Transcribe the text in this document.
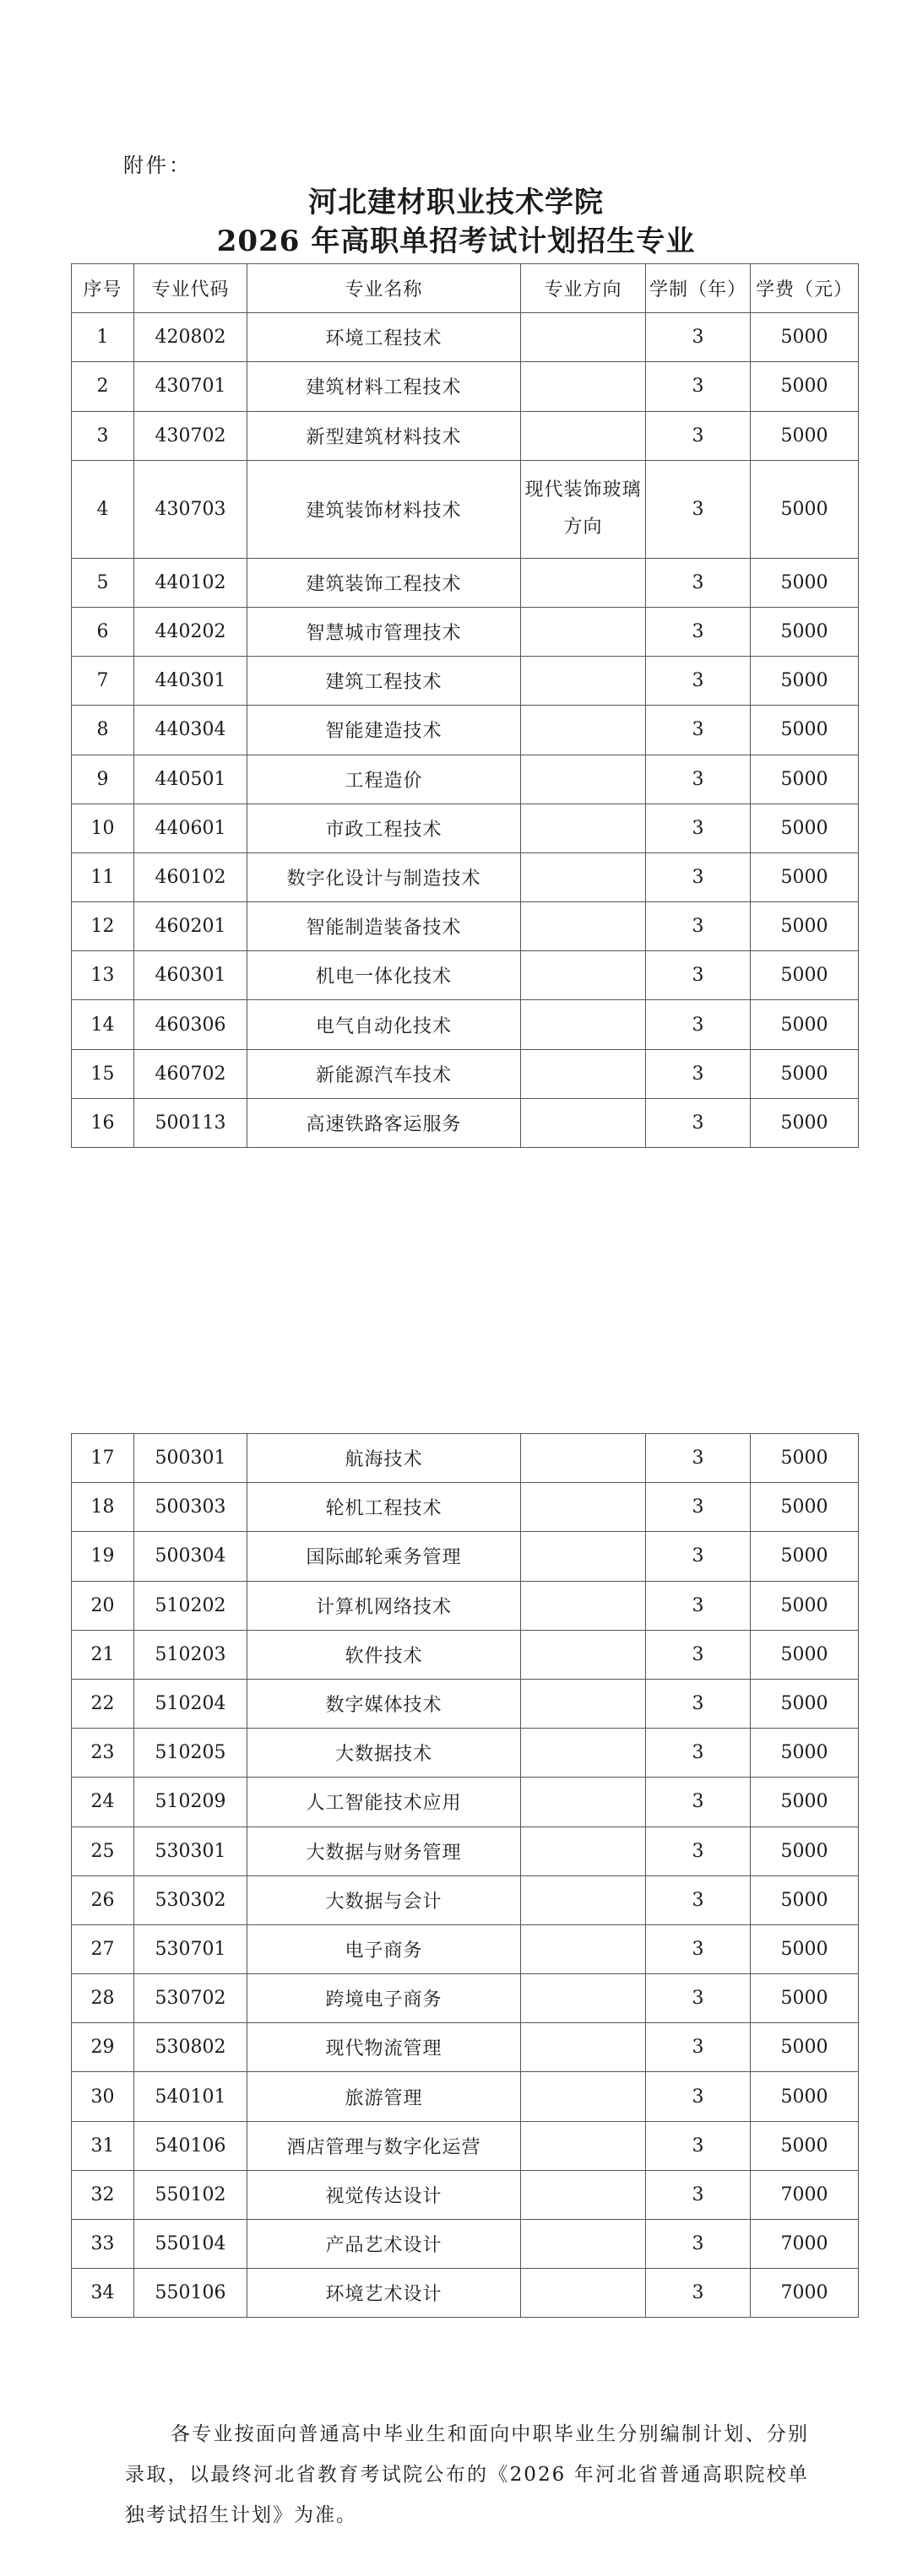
附件：
河北建材职业技术学院
2026 年高职单招考试计划招生专业
序号	专业代码	专业名称	专业方向	学制（年）	学费（元）
1	420802	环境工程技术		3	5000
2	430701	建筑材料工程技术		3	5000
3	430702	新型建筑材料技术		3	5000
4	430703	建筑装饰材料技术	现代装饰玻璃方向	3	5000
5	440102	建筑装饰工程技术		3	5000
6	440202	智慧城市管理技术		3	5000
7	440301	建筑工程技术		3	5000
8	440304	智能建造技术		3	5000
9	440501	工程造价		3	5000
10	440601	市政工程技术		3	5000
11	460102	数字化设计与制造技术		3	5000
12	460201	智能制造装备技术		3	5000
13	460301	机电一体化技术		3	5000
14	460306	电气自动化技术		3	5000
15	460702	新能源汽车技术		3	5000
16	500113	高速铁路客运服务		3	5000
17	500301	航海技术		3	5000
18	500303	轮机工程技术		3	5000
19	500304	国际邮轮乘务管理		3	5000
20	510202	计算机网络技术		3	5000
21	510203	软件技术		3	5000
22	510204	数字媒体技术		3	5000
23	510205	大数据技术		3	5000
24	510209	人工智能技术应用		3	5000
25	530301	大数据与财务管理		3	5000
26	530302	大数据与会计		3	5000
27	530701	电子商务		3	5000
28	530702	跨境电子商务		3	5000
29	530802	现代物流管理		3	5000
30	540101	旅游管理		3	5000
31	540106	酒店管理与数字化运营		3	5000
32	550102	视觉传达设计		3	7000
33	550104	产品艺术设计		3	7000
34	550106	环境艺术设计		3	7000
各专业按面向普通高中毕业生和面向中职毕业生分别编制计划、分别录取，以最终河北省教育考试院公布的《2026 年河北省普通高职院校单独考试招生计划》为准。
